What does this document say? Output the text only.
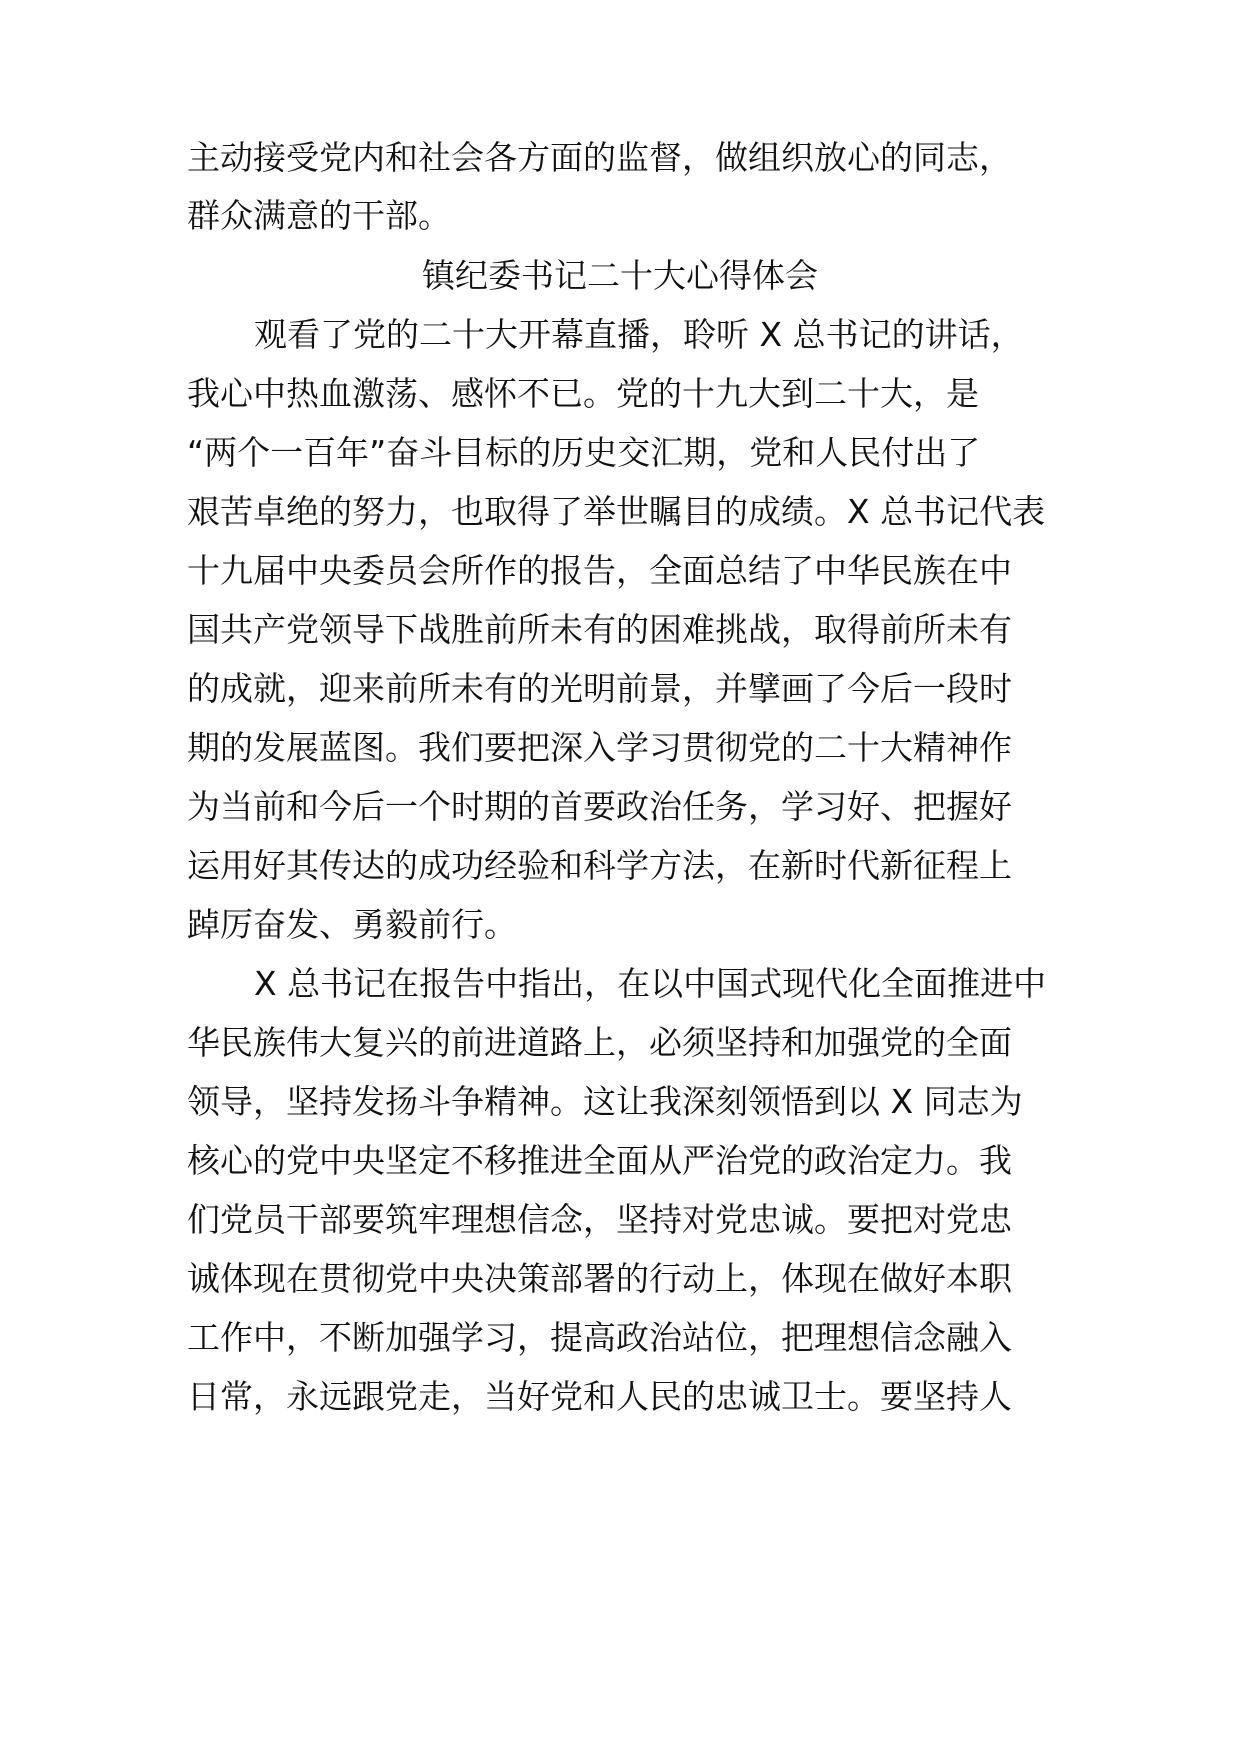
主动接受党内和社会各方面的监督，做组织放心的同志，
群众满意的干部。
镇纪委书记二十大心得体会
观看了党的二十大开幕直播，聆听 X 总书记的讲话，
我心中热血激荡、感怀不已。党的十九大到二十大，是
“两个一百年”奋斗目标的历史交汇期，党和人民付出了
艰苦卓绝的努力，也取得了举世瞩目的成绩。X 总书记代表
十九届中央委员会所作的报告，全面总结了中华民族在中
国共产党领导下战胜前所未有的困难挑战，取得前所未有
的成就，迎来前所未有的光明前景，并擘画了今后一段时
期的发展蓝图。我们要把深入学习贯彻党的二十大精神作
为当前和今后一个时期的首要政治任务，学习好、把握好
运用好其传达的成功经验和科学方法，在新时代新征程上
踔厉奋发、勇毅前行。
X 总书记在报告中指出，在以中国式现代化全面推进中
华民族伟大复兴的前进道路上，必须坚持和加强党的全面
领导，坚持发扬斗争精神。这让我深刻领悟到以 X 同志为
核心的党中央坚定不移推进全面从严治党的政治定力。我
们党员干部要筑牢理想信念，坚持对党忠诚。要把对党忠
诚体现在贯彻党中央决策部署的行动上，体现在做好本职
工作中，不断加强学习，提高政治站位，把理想信念融入
日常，永远跟党走，当好党和人民的忠诚卫士。要坚持人
